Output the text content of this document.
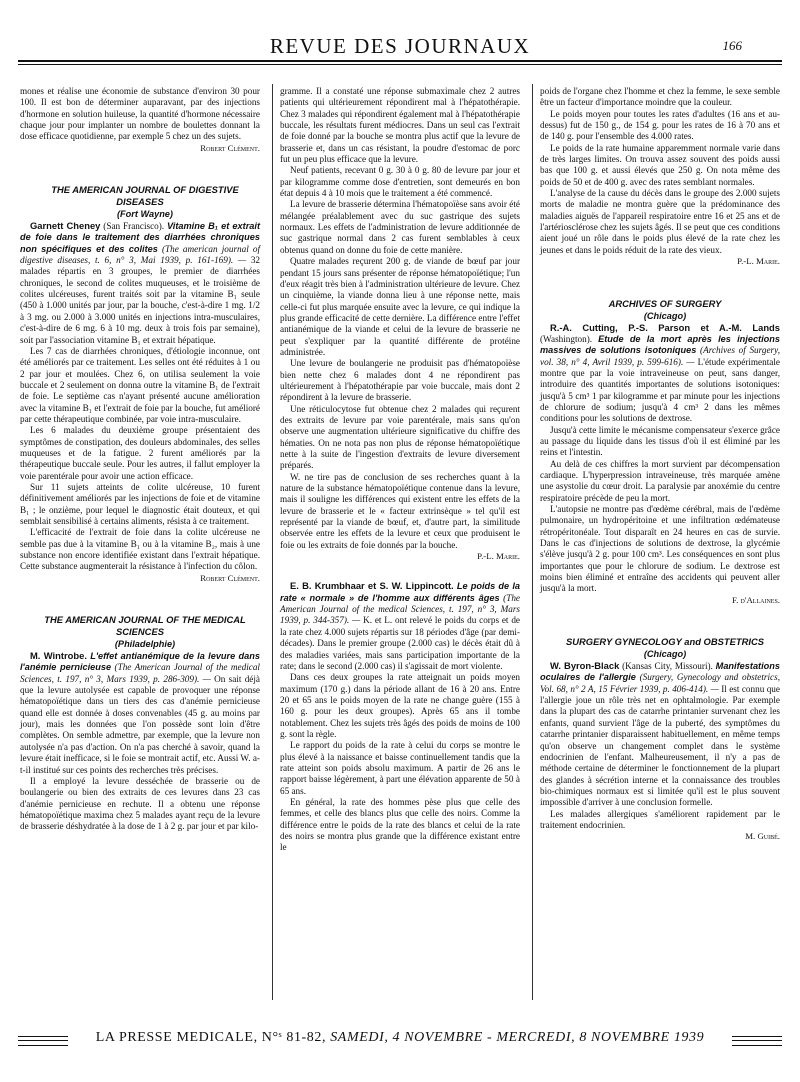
REVUE DES JOURNAUX	166

mones et réalise une économie de substance d'environ 30 pour 100. Il est bon de déterminer auparavant, par des injections d'hormone en solution huileuse, la quantité d'hormone nécessaire chaque jour pour implanter un nombre de boulettes donnant la dose efficace quotidienne, par exemple 5 chez un des sujets.

Robert Clément.

THE AMERICAN JOURNAL OF DIGESTIVE DISEASES

(Fort Wayne)

Garnett Cheney (San Francisco). Vitamine B₁ et extrait de foie dans le traitement des diarrhées chroniques non spécifiques et des colites (The american journal of digestive diseases, t. 6, n° 3, Mai 1939, p. 161-169). — 32 malades répartis en 3 groupes, le premier de diarrhées chroniques, le second de colites muqueuses, et le troisième de colites ulcéreuses, furent traités soit par la vitamine B₁ seule (450 à 1.000 unités par jour, par la bouche, c'est-à-dire 1 mg. 1/2 à 3 mg. ou 2.000 à 3.000 unités en injections intra-musculaires, c'est-à-dire de 6 mg. 6 à 10 mg. deux à trois fois par semaine), soit par l'association vitamine B₁ et extrait hépatique.

Les 7 cas de diarrhées chroniques, d'étiologie inconnue, ont été améliorés par ce traitement. Les selles ont été réduites à 1 ou 2 par jour et moulées. Chez 6, on utilisa seulement la voie buccale et 2 seulement on donna outre la vitamine B₁ de l'extrait de foie. Le septième cas n'ayant présenté aucune amélioration avec la vitamine B₁ et l'extrait de foie par la bouche, fut amélioré par cette thérapeutique combinée, par voie intra-musculaire.

Les 6 malades du deuxième groupe présentaient des symptômes de constipation, des douleurs abdominales, des selles muqueuses et de la fatigue. 2 furent améliorés par la thérapeutique buccale seule. Pour les autres, il fallut employer la voie parentérale pour avoir une action efficace.

Sur 11 sujets atteints de colite ulcéreuse, 10 furent définitivement améliorés par les injections de foie et de vitamine B₁ ; le onzième, pour lequel le diagnostic était douteux, et qui semblait sensibilisé à certains aliments, résista à ce traitement.

L'efficacité de l'extrait de foie dans la colite ulcéreuse ne semble pas due à la vitamine B₁ ou à la vitamine B₂, mais à une substance non encore identifiée existant dans l'extrait hépatique. Cette substance augmenterait la résistance à l'infection du côlon.

Robert Clément.

THE AMERICAN JOURNAL OF THE MEDICAL SCIENCES

(Philadelphie)

M. Wintrobe. L'effet antianémique de la levure dans l'anémie pernicieuse (The American Journal of the medical Sciences, t. 197, n° 3, Mars 1939, p. 286-309). — On sait déjà que la levure autolysée est capable de provoquer une réponse hématopoïétique dans un tiers des cas d'anémie pernicieuse quand elle est donnée à doses convenables (45 g. au moins par jour), mais les données que l'on possède sont loin d'être complètes. On semble admettre, par exemple, que la levure non autolysée n'a pas d'action. On n'a pas cherché à savoir, quand la levure était inefficace, si le foie se montrait actif, etc. Aussi W. a-t-il institué sur ces points des recherches très précises.

Il a employé la levure desséchée de brasserie ou de boulangerie ou bien des extraits de ces levures dans 23 cas d'anémie pernicieuse en rechute. Il a obtenu une réponse hématopoïétique maxima chez 5 malades ayant reçu de la levure de brasserie déshydratée à la dose de 1 à 2 g. par jour et par kilo-

gramme. Il a constaté une réponse submaximale chez 2 autres patients qui ultérieurement répondirent mal à l'hépatothérapie. Chez 3 malades qui répondirent également mal à l'hépatothérapie buccale, les résultats furent médiocres. Dans un seul cas l'extrait de foie donné par la bouche se montra plus actif que la levure de brasserie et, dans un cas résistant, la poudre d'estomac de porc fut un peu plus efficace que la levure.

Neuf patients, recevant 0 g. 30 à 0 g. 80 de levure par jour et par kilogramme comme dose d'entretien, sont demeurés en bon état depuis 4 à 10 mois que le traitement a été commencé.

La levure de brasserie détermina l'hématopoïèse sans avoir été mélangée préalablement avec du suc gastrique des sujets normaux. Les effets de l'administration de levure additionnée de suc gastrique normal dans 2 cas furent semblables à ceux obtenus quand on donne du foie de cette manière.

Quatre malades reçurent 200 g. de viande de bœuf par jour pendant 15 jours sans présenter de réponse hématopoïétique; l'un d'eux réagit très bien à l'administration ultérieure de levure. Chez un cinquième, la viande donna lieu à une réponse nette, mais celle-ci fut plus marquée ensuite avec la levure, ce qui indique la plus grande efficacité de cette dernière. La différence entre l'effet antianémique de la viande et celui de la levure de brasserie ne peut s'expliquer par la quantité différente de protéine administrée.

Une levure de boulangerie ne produisit pas d'hématopoïèse bien nette chez 6 malades dont 4 ne répondirent pas ultérieurement à l'hépatothérapie par voie buccale, mais dont 2 répondirent à la levure de brasserie.

Une réticulocytose fut obtenue chez 2 malades qui reçurent des extraits de levure par voie parentérale, mais sans qu'on observe une augmentation ultérieure significative du chiffre des hématies. On ne nota pas non plus de réponse hématopoïétique nette à la suite de l'ingestion d'extraits de levure diversement préparés.

W. ne tire pas de conclusion de ses recherches quant à la nature de la substance hématopoïétique contenue dans la levure, mais il souligne les différences qui existent entre les effets de la levure de brasserie et le « facteur extrinsèque » tel qu'il est représenté par la viande de bœuf, et, d'autre part, la similitude observée entre les effets de la levure et ceux que produisent le foie ou les extraits de foie donnés par la bouche.

P.-L. Marie.

E. B. Krumbhaar et S. W. Lippincott. Le poids de la rate « normale » de l'homme aux différents âges (The American Journal of the medical Sciences, t. 197, n° 3, Mars 1939, p. 344-357). — K. et L. ont relevé le poids du corps et de la rate chez 4.000 sujets répartis sur 18 périodes d'âge (par demi-décades). Dans le premier groupe (2.000 cas) le décès était dû à des maladies variées, mais sans participation importante de la rate; dans le second (2.000 cas) il s'agissait de mort violente.

Dans ces deux groupes la rate atteignait un poids moyen maximum (170 g.) dans la période allant de 16 à 20 ans. Entre 20 et 65 ans le poids moyen de la rate ne change guère (155 à 160 g. pour les deux groupes). Après 65 ans il tombe notablement. Chez les sujets très âgés des poids de moins de 100 g. sont la règle.

Le rapport du poids de la rate à celui du corps se montre le plus élevé à la naissance et baisse continuellement tandis que la rate atteint son poids absolu maximum. A partir de 26 ans le rapport baisse légèrement, à part une élévation apparente de 50 à 65 ans.

En général, la rate des hommes pèse plus que celle des femmes, et celle des blancs plus que celle des noirs. Comme la différence entre le poids de la rate des blancs et celui de la rate des noirs se montra plus grande que la différence existant entre le

poids de l'organe chez l'homme et chez la femme, le sexe semble être un facteur d'importance moindre que la couleur.

Le poids moyen pour toutes les rates d'adultes (16 ans et au-dessus) fut de 150 g., de 154 g. pour les rates de 16 à 70 ans et de 140 g. pour l'ensemble des 4.000 rates.

Le poids de la rate humaine apparemment normale varie dans de très larges limites. On trouva assez souvent des poids aussi bas que 100 g. et aussi élevés que 250 g. On nota même des poids de 50 et de 400 g. avec des rates semblant normales.

L'analyse de la cause du décès dans le groupe des 2.000 sujets morts de maladie ne montra guère que la prédominance des maladies aiguës de l'appareil respiratoire entre 16 et 25 ans et de l'artériosclérose chez les sujets âgés. Il se peut que ces conditions aient joué un rôle dans le poids plus élevé de la rate chez les jeunes et dans le poids réduit de la rate des vieux.

P.-L. Marie.

ARCHIVES OF SURGERY

(Chicago)

R.-A. Cutting, P.-S. Parson et A.-M. Lands (Washington). Etude de la mort après les injections massives de solutions isotoniques (Archives of Surgery, vol. 38, n° 4, Avril 1939, p. 599-616). — L'étude expérimentale montre que par la voie intraveineuse on peut, sans danger, introduire des quantités importantes de solutions isotoniques: jusqu'à 5 cm³ 1 par kilogramme et par minute pour les injections de chlorure de sodium; jusqu'à 4 cm³ 2 dans les mêmes conditions pour les solutions de dextrose.

Jusqu'à cette limite le mécanisme compensateur s'exerce grâce au passage du liquide dans les tissus d'où il est éliminé par les reins et l'intestin.

Au delà de ces chiffres la mort survient par décompensation cardiaque. L'hyperpression intraveineuse, très marquée amène une asystolie du cœur droit. La paralysie par anoxémie du centre respiratoire précède de peu la mort.

L'autopsie ne montre pas d'œdème cérébral, mais de l'œdème pulmonaire, un hydropéritoine et une infiltration œdémateuse rétropéritonéale. Tout disparaît en 24 heures en cas de survie. Dans le cas d'injections de solutions de dextrose, la glycémie s'élève jusqu'à 2 g. pour 100 cm³. Les conséquences en sont plus importantes que pour le chlorure de sodium. Le dextrose est moins bien éliminé et entraîne des accidents qui peuvent aller jusqu'à la mort.

F. d'Allaines.

SURGERY GYNECOLOGY and OBSTETRICS

(Chicago)

W. Byron-Black (Kansas City, Missouri). Manifestations oculaires de l'allergie (Surgery, Gynecology and obstetrics, Vol. 68, n° 2 A, 15 Février 1939, p. 406-414). — Il est connu que l'allergie joue un rôle très net en ophtalmologie. Par exemple dans la plupart des cas de catarrhe printanier survenant chez les enfants, quand survient l'âge de la puberté, des symptômes du catarrhe printanier disparaissent habituellement, en même temps qu'on observe un changement complet dans le système endocrinien de l'enfant. Malheureusement, il n'y a pas de méthode certaine de déterminer le fonctionnement de la plupart des glandes à sécrétion interne et la connaissance des troubles bio-chimiques normaux est si limitée qu'il est le plus souvent impossible d'arriver à une conclusion formelle.

Les malades allergiques s'améliorent rapidement par le traitement endocrinien.

M. Guibé.

LA PRESSE MEDICALE, N°ˢ 81-82, SAMEDI, 4 NOVEMBRE - MERCREDI, 8 NOVEMBRE 1939
